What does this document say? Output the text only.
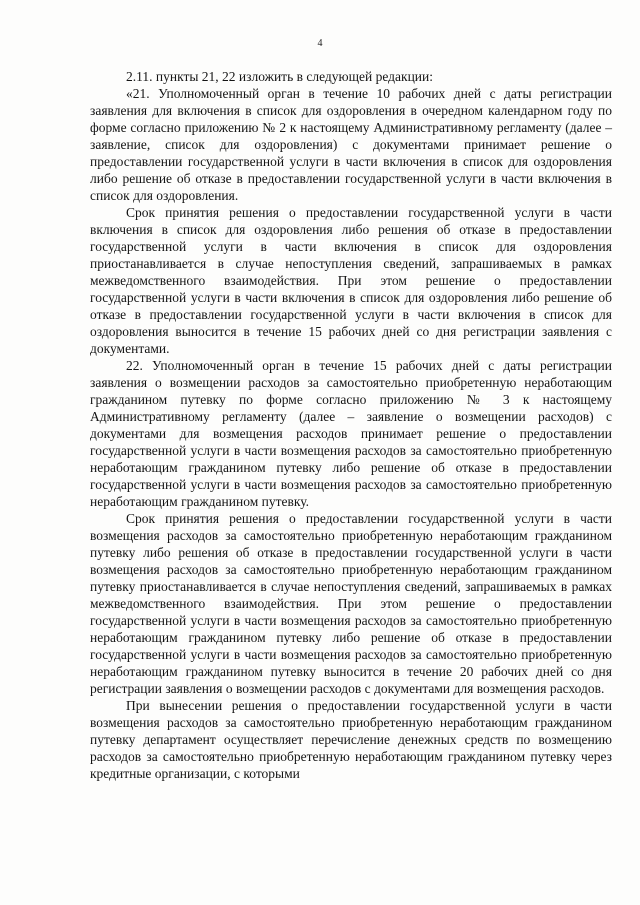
4

2.11. пункты 21, 22 изложить в следующей редакции:

«21. Уполномоченный орган в течение 10 рабочих дней с даты регистрации заявления для включения в список для оздоровления в очередном календарном году по форме согласно приложению № 2 к настоящему Административному регламенту (далее – заявление, список для оздоровления) с документами принимает решение о предоставлении государственной услуги в части включения в список для оздоровления либо решение об отказе в предоставлении государственной услуги в части включения в список для оздоровления.

Срок принятия решения о предоставлении государственной услуги в части включения в список для оздоровления либо решения об отказе в предоставлении государственной услуги в части включения в список для оздоровления приостанавливается в случае непоступления сведений, запрашиваемых в рамках межведомственного взаимодействия. При этом решение о предоставлении государственной услуги в части включения в список для оздоровления либо решение об отказе в предоставлении государственной услуги в части включения в список для оздоровления выносится в течение 15 рабочих дней со дня регистрации заявления с документами.

22. Уполномоченный орган в течение 15 рабочих дней с даты регистрации заявления о возмещении расходов за самостоятельно приобретенную неработающим гражданином путевку по форме согласно приложению № 3 к настоящему Административному регламенту (далее – заявление о возмещении расходов) с документами для возмещения расходов принимает решение о предоставлении государственной услуги в части возмещения расходов за самостоятельно приобретенную неработающим гражданином путевку либо решение об отказе в предоставлении государственной услуги в части возмещения расходов за самостоятельно приобретенную неработающим гражданином путевку.

Срок принятия решения о предоставлении государственной услуги в части возмещения расходов за самостоятельно приобретенную неработающим гражданином путевку либо решения об отказе в предоставлении государственной услуги в части возмещения расходов за самостоятельно приобретенную неработающим гражданином путевку приостанавливается в случае непоступления сведений, запрашиваемых в рамках межведомственного взаимодействия. При этом решение о предоставлении государственной услуги в части возмещения расходов за самостоятельно приобретенную неработающим гражданином путевку либо решение об отказе в предоставлении государственной услуги в части возмещения расходов за самостоятельно приобретенную неработающим гражданином путевку выносится в течение 20 рабочих дней со дня регистрации заявления о возмещении расходов с документами для возмещения расходов.

При вынесении решения о предоставлении государственной услуги в части возмещения расходов за самостоятельно приобретенную неработающим гражданином путевку департамент осуществляет перечисление денежных средств по возмещению расходов за самостоятельно приобретенную неработающим гражданином путевку через кредитные организации, с которыми
